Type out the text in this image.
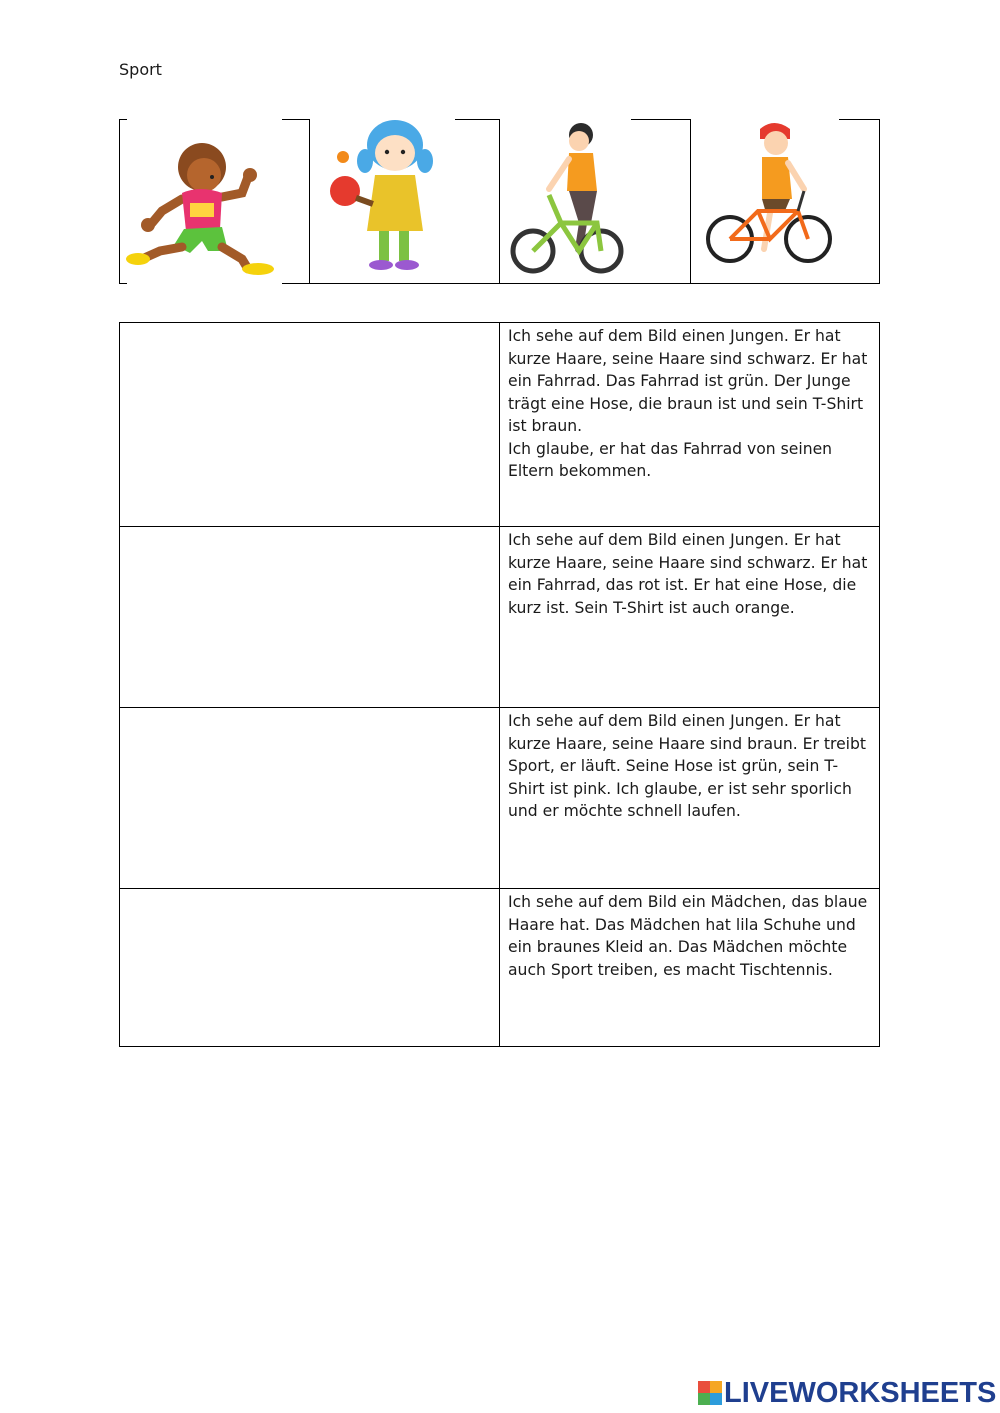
Sport
	Ich sehe auf dem Bild einen Jungen. Er hat kurze Haare, seine Haare sind schwarz. Er hat ein Fahrrad. Das Fahrrad ist grün. Der Junge trägt eine Hose, die braun ist und sein T-Shirt ist braun.
Ich glaube, er hat das Fahrrad von seinen Eltern bekommen.
	Ich sehe auf dem Bild einen Jungen. Er hat kurze Haare, seine Haare sind schwarz. Er hat ein Fahrrad, das rot ist. Er hat eine Hose, die kurz ist. Sein T-Shirt ist auch orange.
	Ich sehe auf dem Bild einen Jungen. Er hat kurze Haare, seine Haare sind braun. Er treibt Sport, er läuft. Seine Hose ist grün, sein T-Shirt ist pink. Ich glaube, er ist sehr sporlich und er möchte schnell laufen.
	Ich sehe auf dem Bild ein Mädchen, das blaue Haare hat. Das Mädchen hat lila Schuhe und ein braunes Kleid an. Das Mädchen möchte auch Sport treiben, es macht Tischtennis.
LIVEWORKSHEETS
